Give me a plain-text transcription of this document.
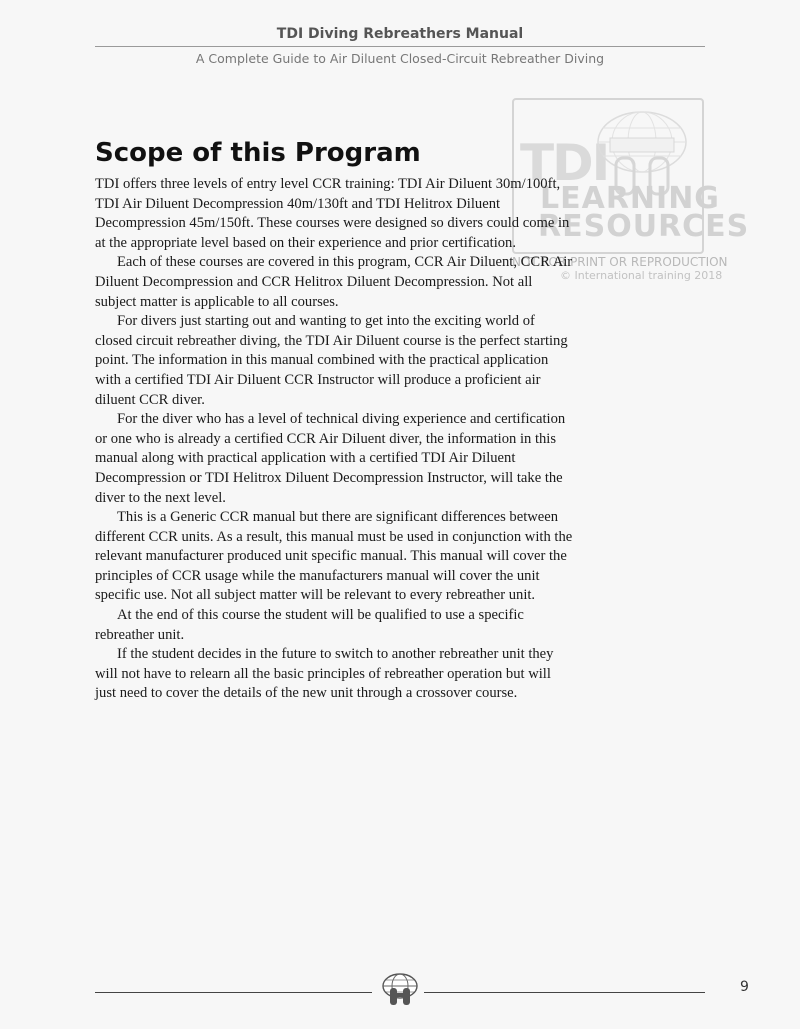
TDI Diving Rebreathers Manual
A Complete Guide to Air Diluent Closed-Circuit Rebreather Diving
TDI
LEARNING
RESOURCES
NOT FOR PRINT OR REPRODUCTION
© International training 2018
Scope of this Program

TDI offers three levels of entry level CCR training: TDI Air Diluent 30m/100ft, TDI Air Diluent Decompression 40m/130ft and TDI Helitrox Diluent Decompression 45m/150ft. These courses were designed so divers could come in at the appropriate level based on their experience and prior certification.

Each of these courses are covered in this program, CCR Air Diluent, CCR Air Diluent Decompression and CCR Helitrox Diluent Decompression. Not all subject matter is applicable to all courses.

For divers just starting out and wanting to get into the exciting world of closed circuit rebreather diving, the TDI Air Diluent course is the perfect starting point. The information in this manual combined with the practical application with a certified TDI Air Diluent CCR Instructor will produce a proficient air diluent CCR diver.

For the diver who has a level of technical diving experience and certification or one who is already a certified CCR Air Diluent diver, the information in this manual along with practical application with a certified TDI Air Diluent Decompression or TDI Helitrox Diluent Decompression Instructor, will take the diver to the next level.

This is a Generic CCR manual but there are significant differences between different CCR units. As a result, this manual must be used in conjunction with the relevant manufacturer produced unit specific manual. This manual will cover the principles of CCR usage while the manufacturers manual will cover the unit specific use. Not all subject matter will be relevant to every rebreather unit.

At the end of this course the student will be qualified to use a specific rebreather unit.

If the student decides in the future to switch to another rebreather unit they will not have to relearn all the basic principles of rebreather operation but will just need to cover the details of the new unit through a crossover course.

9
